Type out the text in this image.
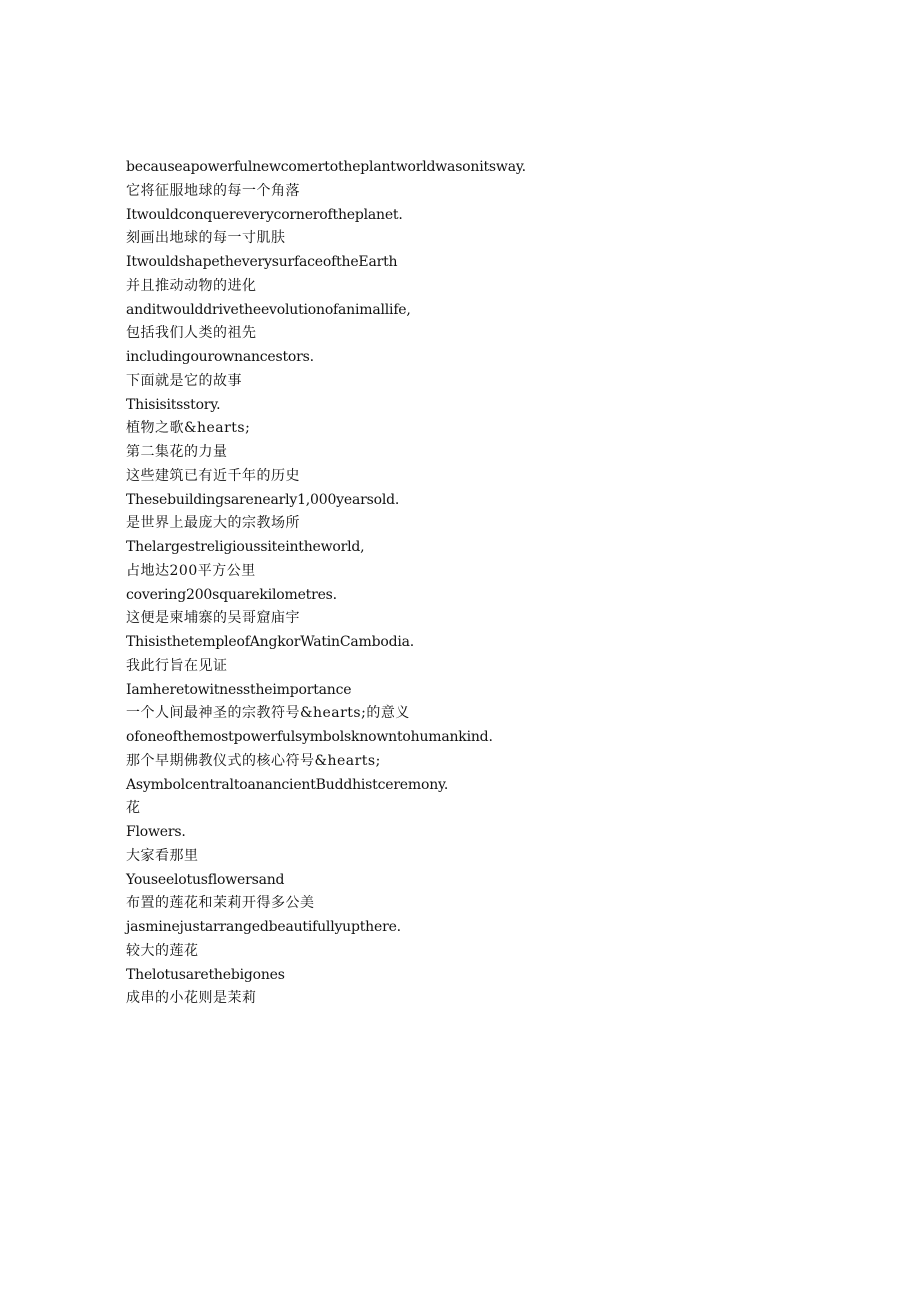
becauseapowerfulnewcomertotheplantworldwasonitsway.
它将征服地球的每一个角落
Itwouldconquereverycorneroftheplanet.
刻画出地球的每一寸肌肤
ItwouldshapetheverysurfaceoftheEarth
并且推动动物的进化
anditwoulddrivetheevolutionofanimallife,
包括我们人类的祖先
includingourownancestors.
下面就是它的故事
Thisisitsstory.
植物之歌&hearts;
第二集花的力量
这些建筑已有近千年的历史
Thesebuildingsarenearly1,000yearsold.
是世界上最庞大的宗教场所
Thelargestreligioussiteintheworld,
占地达200平方公里
covering200squarekilometres.
这便是柬埔寨的吴哥窟庙宇
ThisisthetempleofAngkorWatinCambodia.
我此行旨在见证
Iamheretowitnesstheimportance
一个人间最神圣的宗教符号&hearts;的意义
ofoneofthemostpowerfulsymbolsknowntohumankind.
那个早期佛教仪式的核心符号&hearts;
AsymbolcentraltoanancientBuddhistceremony.
花
Flowers.
大家看那里
Youseelotusflowersand
布置的莲花和茉莉开得多公美
jasminejustarrangedbeautifullyupthere.
较大的莲花
Thelotusarethebigones
成串的小花则是茉莉
